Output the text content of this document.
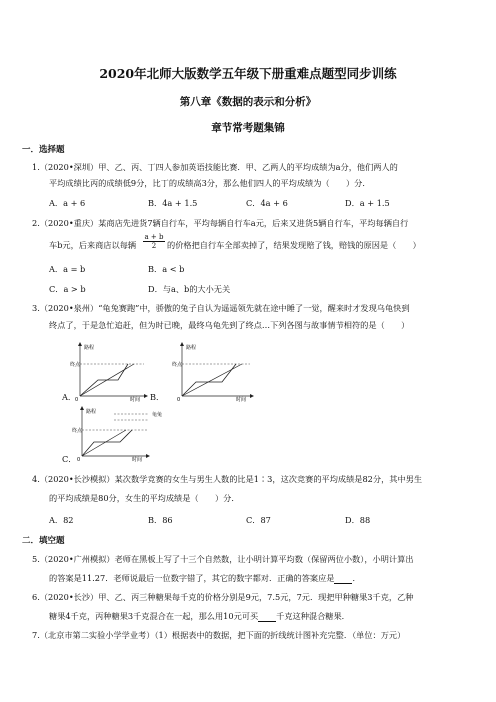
2020年北师大版数学五年级下册重难点题型同步训练
第八章《数据的表示和分析》
章节常考题集锦
一．选择题
1.（2020•深圳）甲、乙、丙、丁四人参加英语技能比赛．甲、乙两人的平均成绩为a分，他们两人的
平均成绩比丙的成绩低9分，比丁的成绩高3分，那么他们四人的平均成绩为（　　）分．
A．a + 6	B．4a + 1.5	C．4a + 6	D．a + 1.5
2.（2020•重庆）某商店先进货7辆自行车，平均每辆自行车a元，后来又进货5辆自行车，平均每辆自行
车b元，后来商店以每辆
a + b
2	的价格把自行车全部卖掉了，结果发现赔了钱，赔钱的原因是（　　）
A．a = b	B．a < b
C．a > b	D．与a、b的大小无关
3.（2020•泉州）“龟兔赛跑”中，骄傲的兔子自认为遥遥领先就在途中睡了一觉，醒来时才发现乌龟快到
终点了，于是急忙追赶，但为时已晚，最终乌龟先到了终点…下列各图与故事情节相符的是（　　）
路程
时间
终点
0
A．
路程
时间
终点
0
B．
路程
时间
终点
0
龟兔
C．
4.（2020•长沙模拟）某次数学竞赛的女生与男生人数的比是1∶3，这次竞赛的平均成绩是82分，其中男生
的平均成绩是80分，女生的平均成绩是（　　）分．
A．82	B．86	C．87	D．88
二．填空题
5.（2020•广州模拟）老师在黑板上写了十三个自然数，让小明计算平均数（保留两位小数），小明计算出
的答案是11.27．老师说最后一位数字错了，其它的数字都对．正确的答案应是 ．
6.（2020•长沙）甲、乙、丙三种糖果每千克的价格分别是9元，7.5元，7元．现把甲种糖果3千克，乙种
糖果4千克，丙种糖果3千克混合在一起，那么用10元可买 千克这种混合糖果．
7.（北京市第二实验小学学业考）（1）根据表中的数据，把下面的折线统计图补充完整．（单位：万元）
